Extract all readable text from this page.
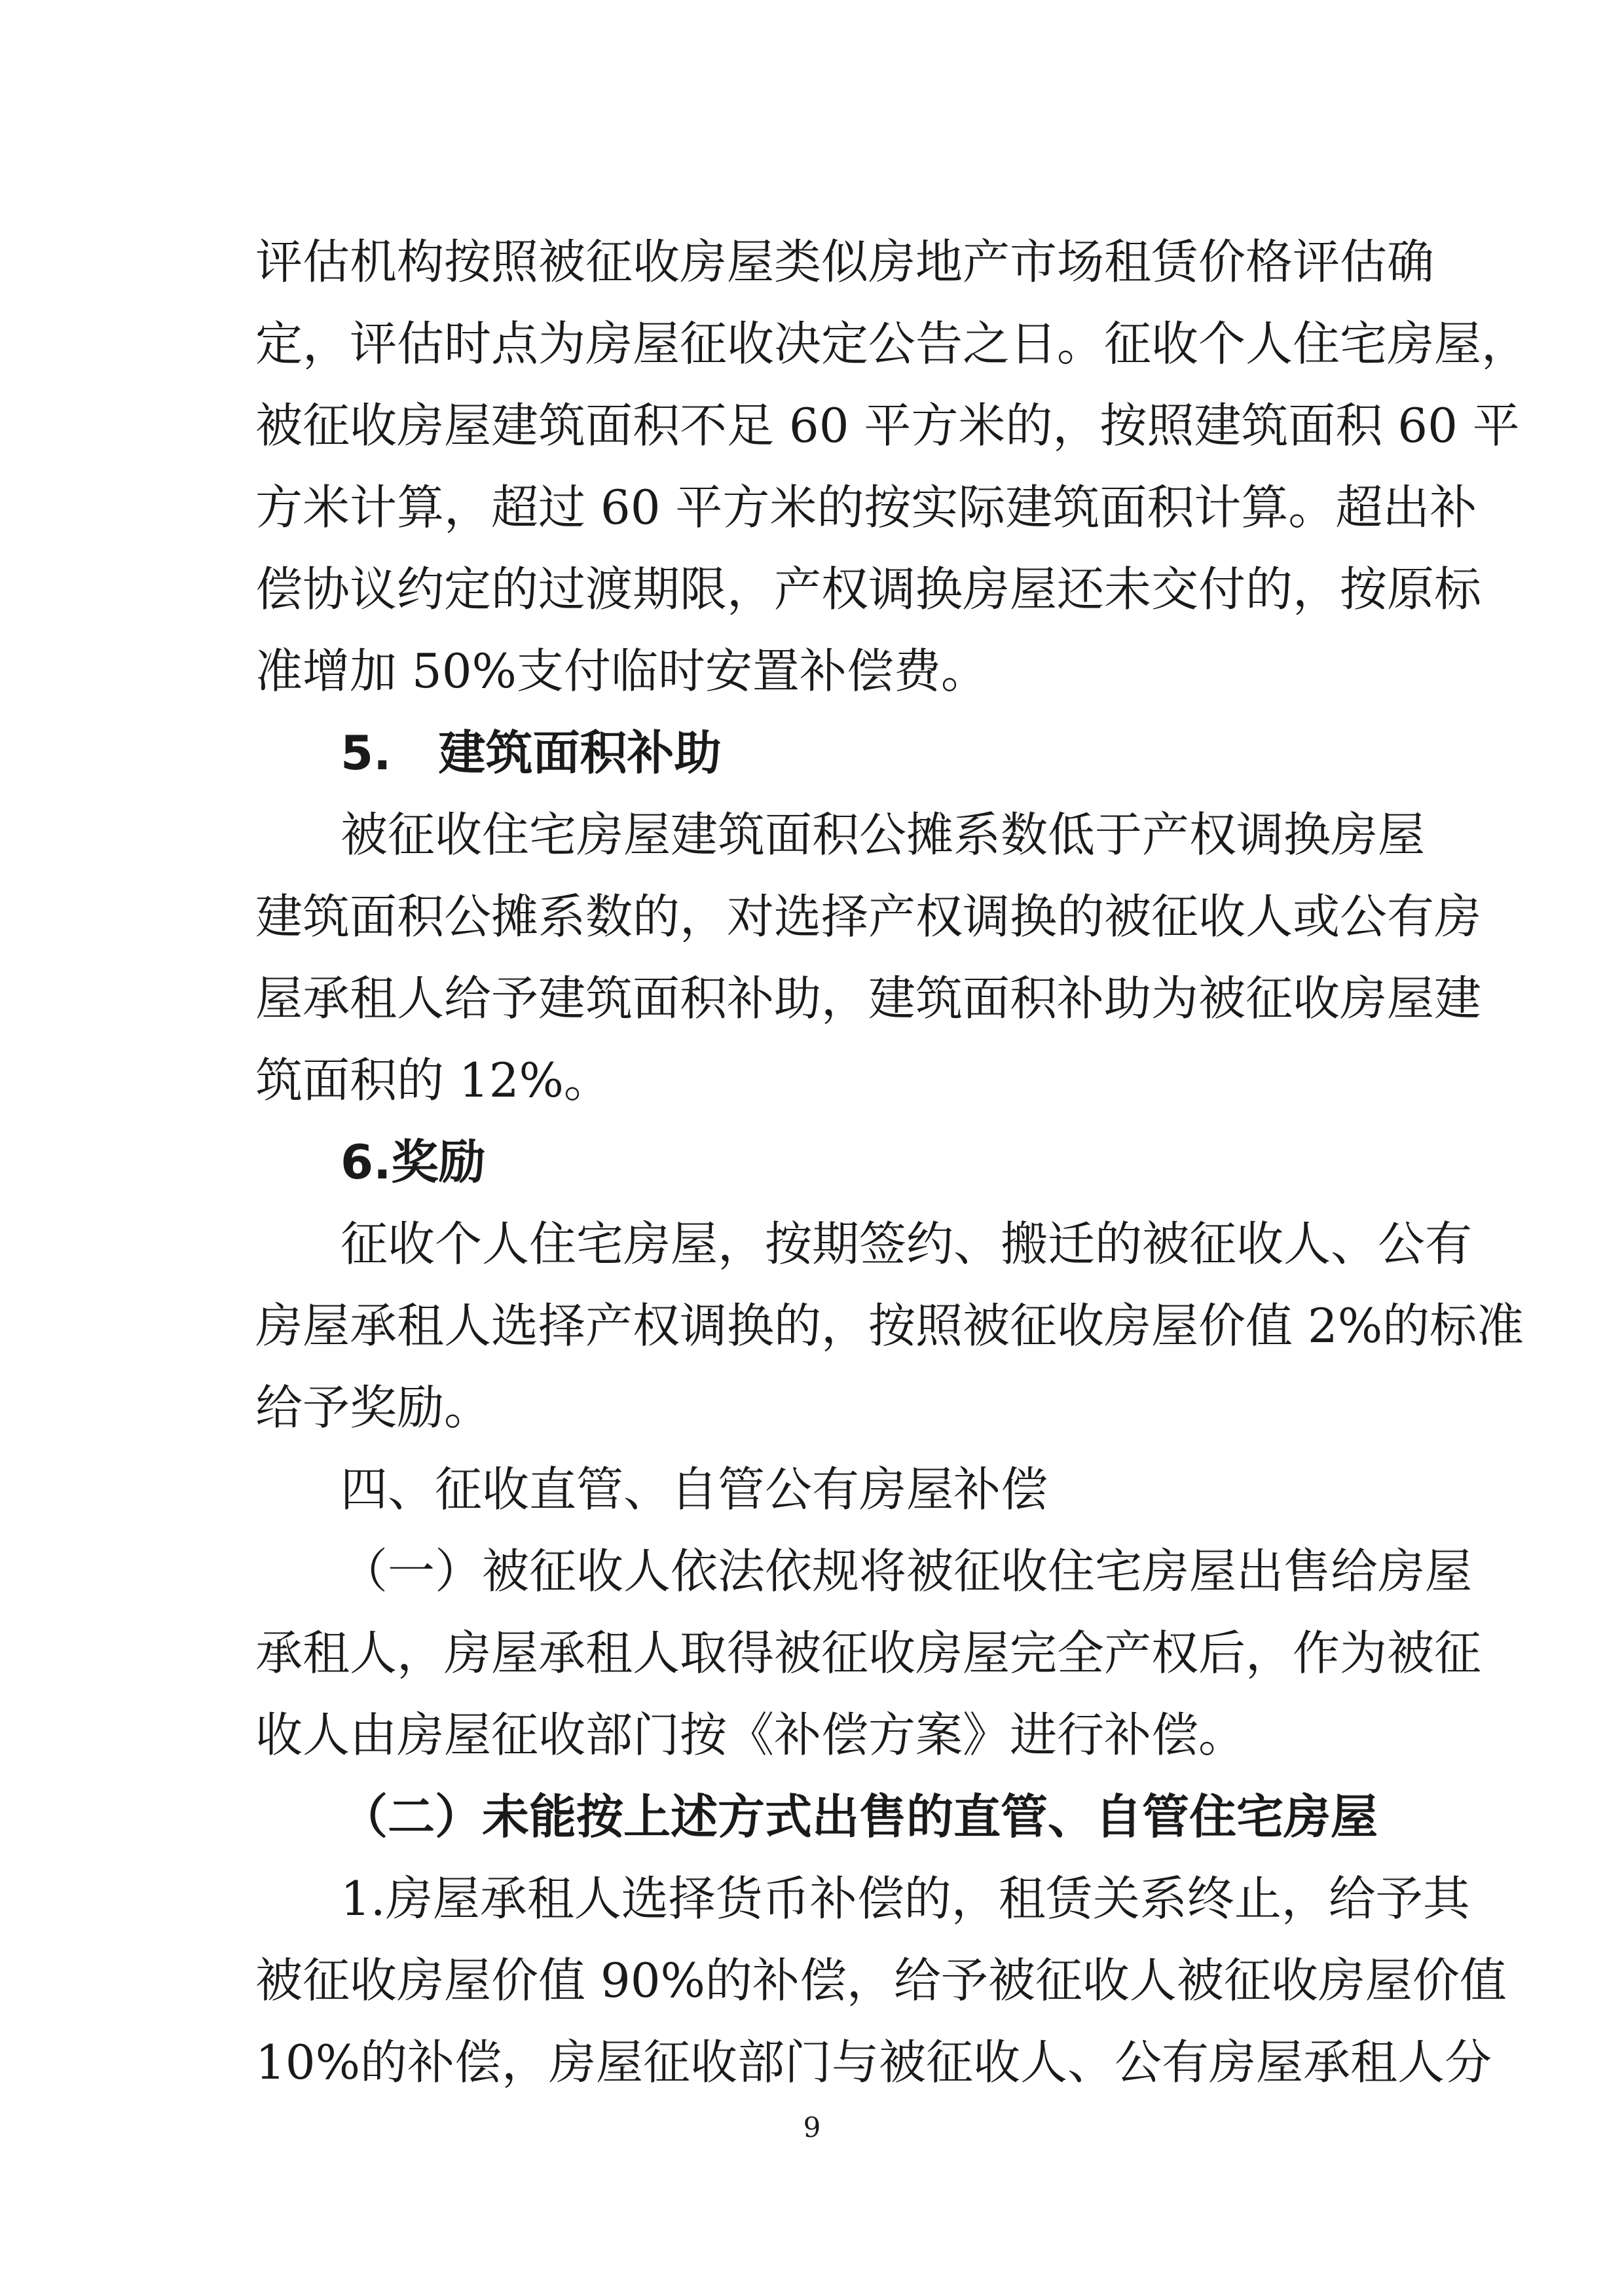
评估机构按照被征收房屋类似房地产市场租赁价格评估确
定，评估时点为房屋征收决定公告之日。征收个人住宅房屋，
被征收房屋建筑面积不足 60 平方米的，按照建筑面积 60 平
方米计算，超过 60 平方米的按实际建筑面积计算。超出补
偿协议约定的过渡期限，产权调换房屋还未交付的，按原标
准增加 50%支付临时安置补偿费。
5.　建筑面积补助
被征收住宅房屋建筑面积公摊系数低于产权调换房屋
建筑面积公摊系数的，对选择产权调换的被征收人或公有房
屋承租人给予建筑面积补助，建筑面积补助为被征收房屋建
筑面积的 12%。
6.奖励
征收个人住宅房屋，按期签约、搬迁的被征收人、公有
房屋承租人选择产权调换的，按照被征收房屋价值 2%的标准
给予奖励。
四、征收直管、自管公有房屋补偿
（一）被征收人依法依规将被征收住宅房屋出售给房屋
承租人，房屋承租人取得被征收房屋完全产权后，作为被征
收人由房屋征收部门按《补偿方案》进行补偿。
（二）未能按上述方式出售的直管、自管住宅房屋
1.房屋承租人选择货币补偿的，租赁关系终止，给予其
被征收房屋价值 90%的补偿，给予被征收人被征收房屋价值
10%的补偿，房屋征收部门与被征收人、公有房屋承租人分
9
